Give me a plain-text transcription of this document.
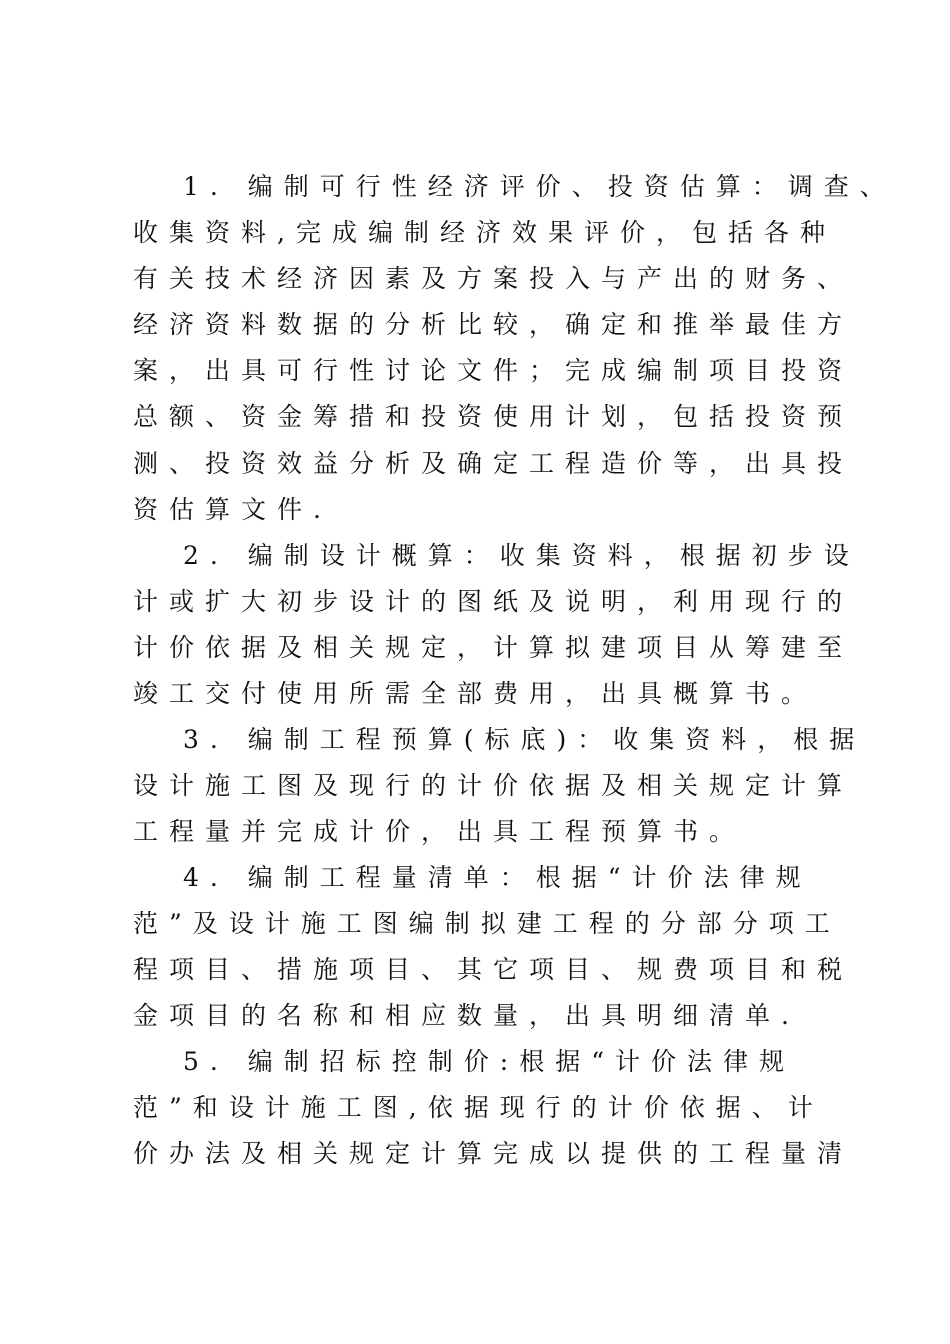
1. 编制可行性经济评价、投资估算：调查、
收集资料,完成编制经济效果评价，包括各种
有关技术经济因素及方案投入与产出的财务、
经济资料数据的分析比较，确定和推举最佳方
案，出具可行性讨论文件；完成编制项目投资
总额、资金筹措和投资使用计划，包括投资预
测、投资效益分析及确定工程造价等，出具投
资估算文件.
2. 编制设计概算：收集资料，根据初步设
计或扩大初步设计的图纸及说明，利用现行的
计价依据及相关规定，计算拟建项目从筹建至
竣工交付使用所需全部费用，出具概算书。
3. 编制工程预算(标底)：收集资料，根据
设计施工图及现行的计价依据及相关规定计算
工程量并完成计价，出具工程预算书。
4. 编制工程量清单：根据“计价法律规
范”及设计施工图编制拟建工程的分部分项工
程项目、措施项目、其它项目、规费项目和税
金项目的名称和相应数量，出具明细清单.
5. 编制招标控制价:根据“计价法律规
范”和设计施工图,依据现行的计价依据、计
价办法及相关规定计算完成以提供的工程量清
